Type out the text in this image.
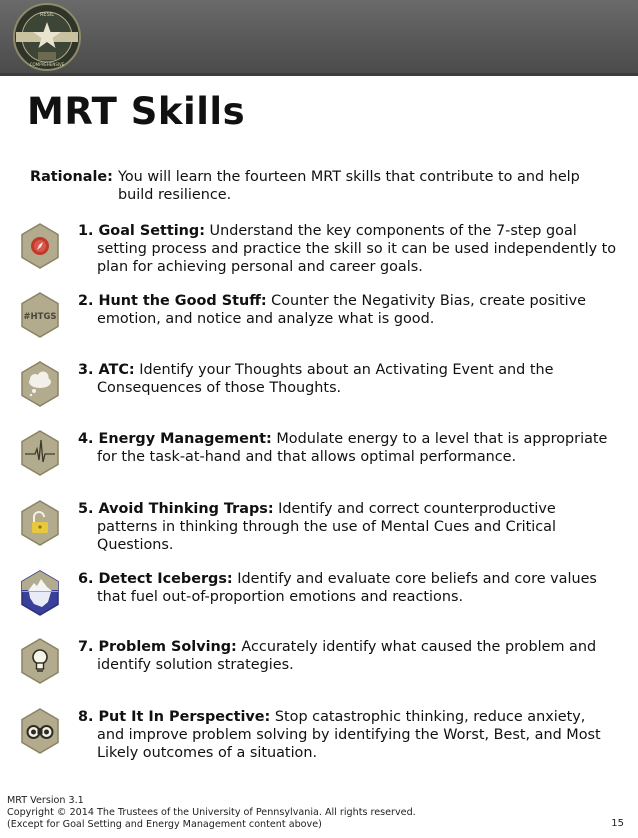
RESIL
COMPREHENSIVE
MRT Skills
Rationale: You will learn the fourteen MRT skills that contribute to and help build resilience.
1. Goal Setting: Understand the key components of the 7-step goal
setting process and practice the skill so it can be used independently to plan for achieving personal and career goals.
#HTGS
2. Hunt the Good Stuff: Counter the Negativity Bias, create positive
emotion, and notice and analyze what is good.
3. ATC: Identify your Thoughts about an Activating Event and the
Consequences of those Thoughts.
4. Energy Management: Modulate energy to a level that is appropriate
for the task-at-hand and that allows optimal performance.
5. Avoid Thinking Traps: Identify and correct counterproductive
patterns in thinking through the use of Mental Cues and Critical Questions.
6. Detect Icebergs: Identify and evaluate core beliefs and core values
that fuel out-of-proportion emotions and reactions.
7. Problem Solving: Accurately identify what caused the problem and
identify solution strategies.
8. Put It In Perspective: Stop catastrophic thinking, reduce anxiety,
and improve problem solving by identifying the Worst, Best, and Most Likely outcomes of a situation.
MRT Version 3.1
Copyright © 2014 The Trustees of the University of Pennsylvania. All rights reserved.
(Except for Goal Setting and Energy Management content above)	15
